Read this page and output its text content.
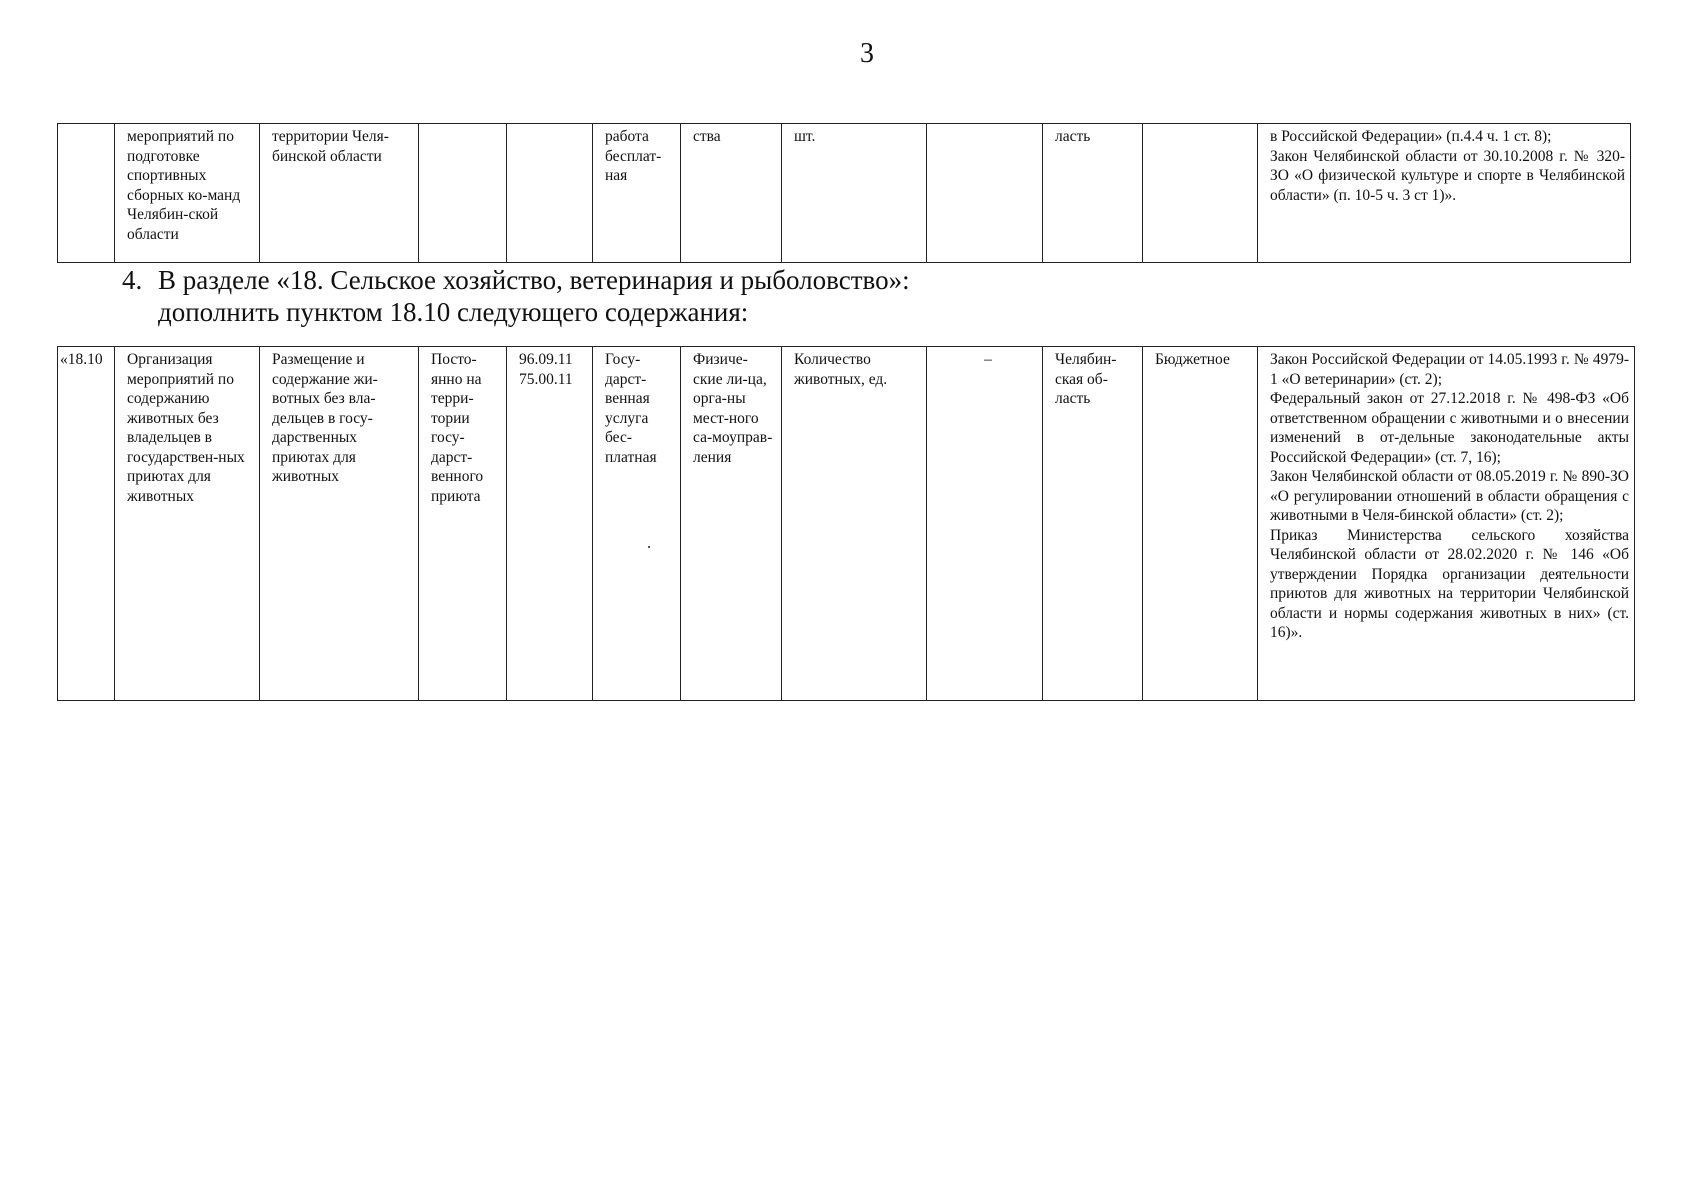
3
	мероприятий по подготовке спортивных сборных ко-манд Челябин-ской области	территории Челя-бинской области			работа бесплат-ная	ства	шт.		ласть		в Российской Федерации» (п.4.4 ч. 1 ст. 8);
Закон Челябинской области от 30.10.2008 г. № 320-ЗО «О физической культуре и спорте в Челябинской области» (п. 10-5 ч. 3 ст 1)».
4. В разделе «18. Сельское хозяйство, ветеринария и рыболовство»:
дополнить пунктом 18.10 следующего содержания:
«18.10	Организация мероприятий по содержанию животных без владельцев в государствен-ных приютах для животных	Размещение и содержание жи-вотных без вла-дельцев в госу-дарственных приютах для животных	Посто-янно на терри-тории госу-дарст-венного приюта	96.09.11 75.00.11	Госу-дарст-венная услуга бес-платная	Физиче-ские ли-ца, орга-ны мест-ного са-моуправ-ления	Количество животных, ед.	–	Челябин-ская об-ласть	Бюджетное	Закон Российской Федерации от 14.05.1993 г. № 4979-1 «О ветеринарии» (ст. 2);
Федеральный закон от 27.12.2018 г. № 498-ФЗ «Об ответственном обращении с животными и о внесении изменений в от-дельные законодательные акты Российской Федерации» (ст. 7, 16);
Закон Челябинской области от 08.05.2019 г. № 890-ЗО «О регулировании отношений в области обращения с животными в Челя-бинской области» (ст. 2);
Приказ Министерства сельского хозяйства Челябинской области от 28.02.2020 г. № 146 «Об утверждении Порядка организации деятельности приютов для животных на территории Челябинской области и нормы содержания животных в них» (ст. 16)».
